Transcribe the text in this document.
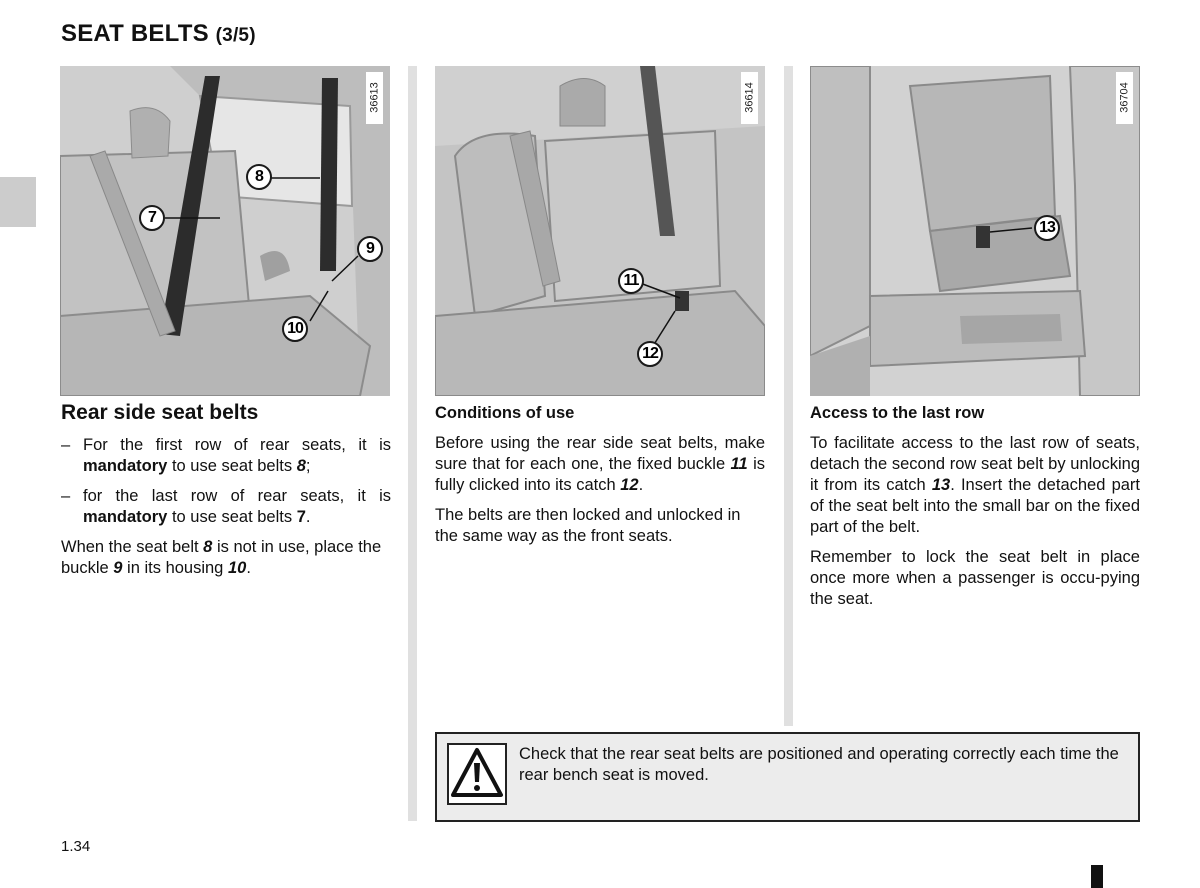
SEAT BELTS (3/5)
36613
8
7
9
10
36614
11
12
36704
13
Rear side seat belts
– For the first row of rear seats, it is mandatory to use seat belts 8;
– for the last row of rear seats, it is mandatory to use seat belts 7.

When the seat belt 8 is not in use, place the buckle 9 in its housing 10.

Conditions of use

Before using the rear side seat belts, make sure that for each one, the fixed buckle 11 is fully clicked into its catch 12.

The belts are then locked and unlocked in the same way as the front seats.

Access to the last row

To facilitate access to the last row of seats, detach the second row seat belt by unlocking it from its catch 13. Insert the detached part of the seat belt into the small bar on the fixed part of the belt.

Remember to lock the seat belt in place once more when a passenger is occu-pying the seat.

Check that the rear seat belts are positioned and operating correctly each time the rear bench seat is moved.
1.34
